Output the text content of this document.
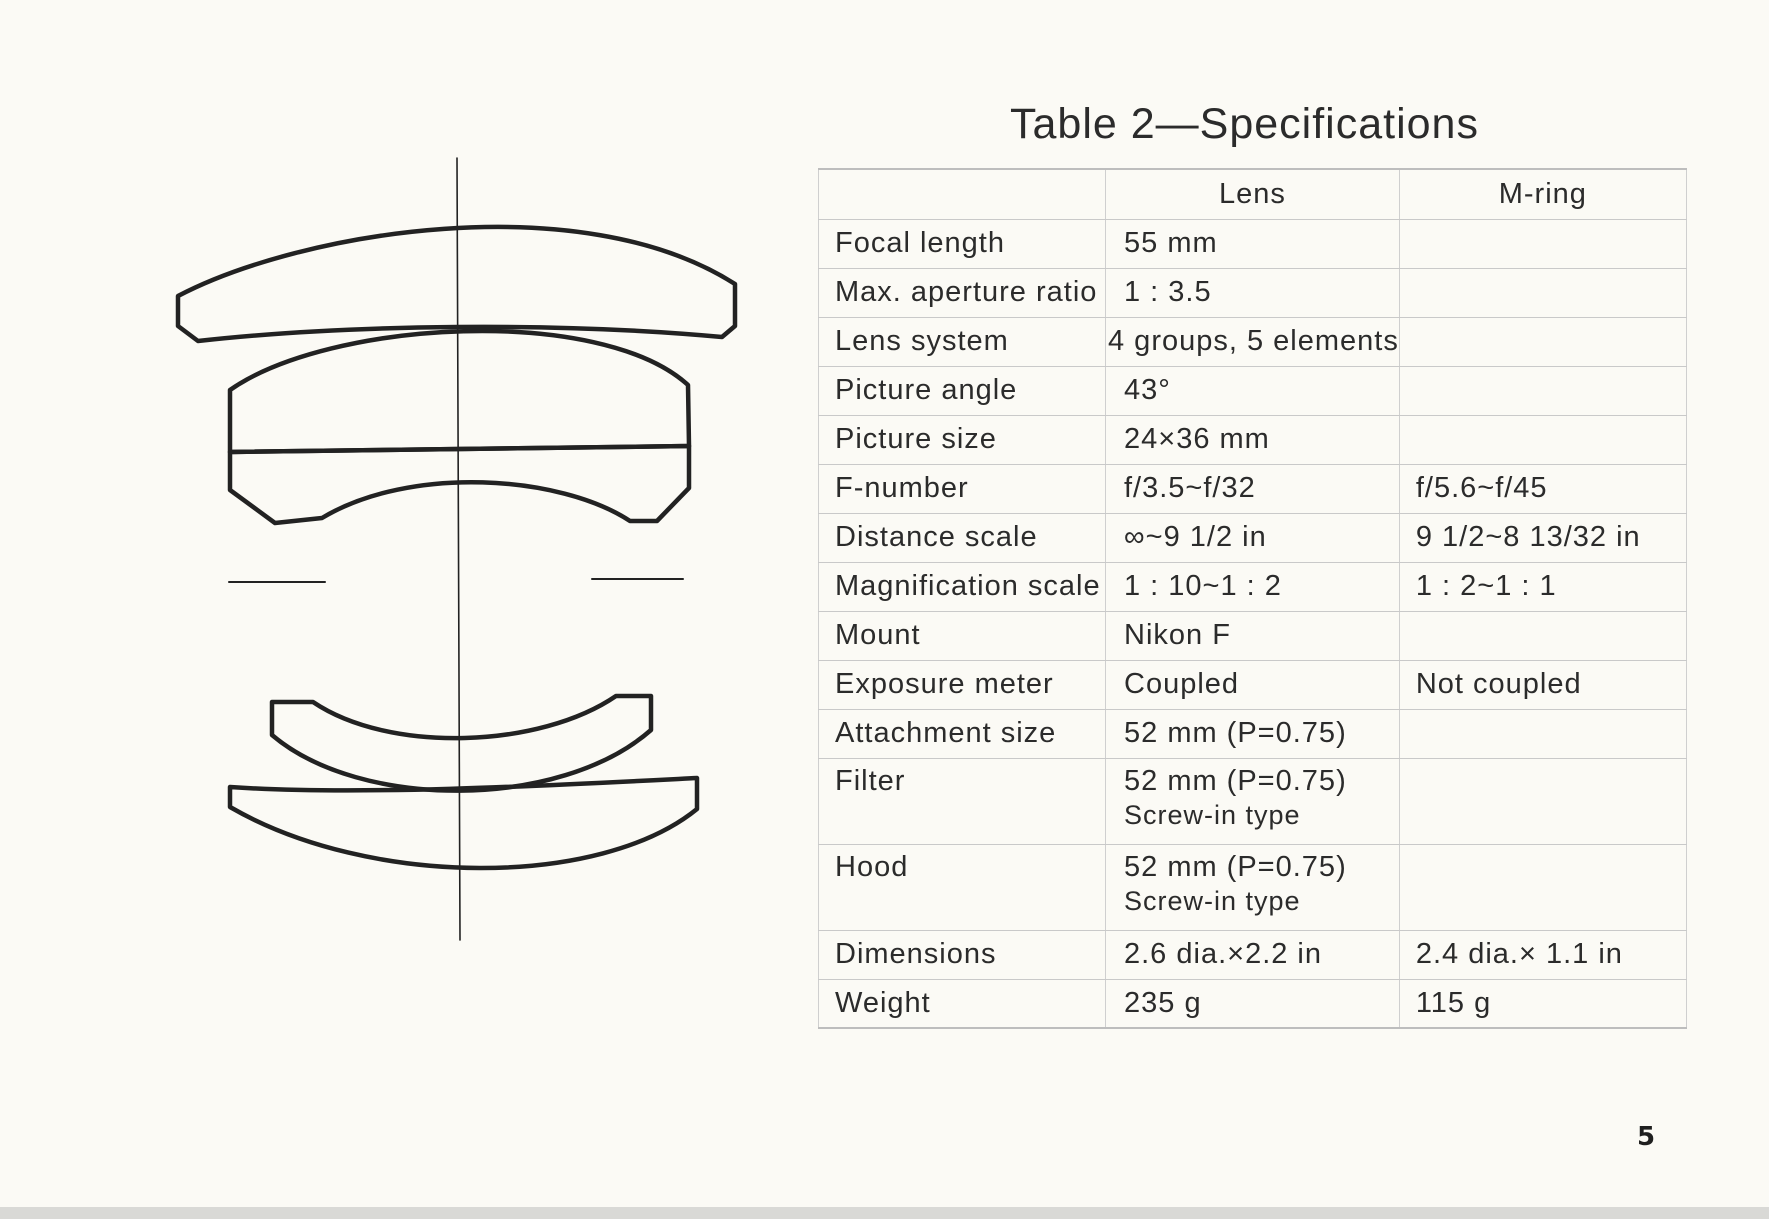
Table 2—Specifications
	Lens	M-ring
Focal length	55 mm	
Max. aperture ratio	1 : 3.5	
Lens system	4 groups, 5 elements	
Picture angle	43°	
Picture size	24×36 mm	
F-number	f/3.5~f/32	f/5.6~f/45
Distance scale	∞~9 1/2 in	9 1/2~8 13/32 in
Magnification scale	1 : 10~1 : 2	1 : 2~1 : 1
Mount	Nikon F	
Exposure meter	Coupled	Not coupled
Attachment size	52 mm (P=0.75)	
Filter	52 mm (P=0.75)
Screw-in type	

Hood	52 mm (P=0.75)
Screw-in type	

Dimensions	2.6 dia.×2.2 in	2.4 dia.× 1.1 in
Weight	235 g	115 g
5
